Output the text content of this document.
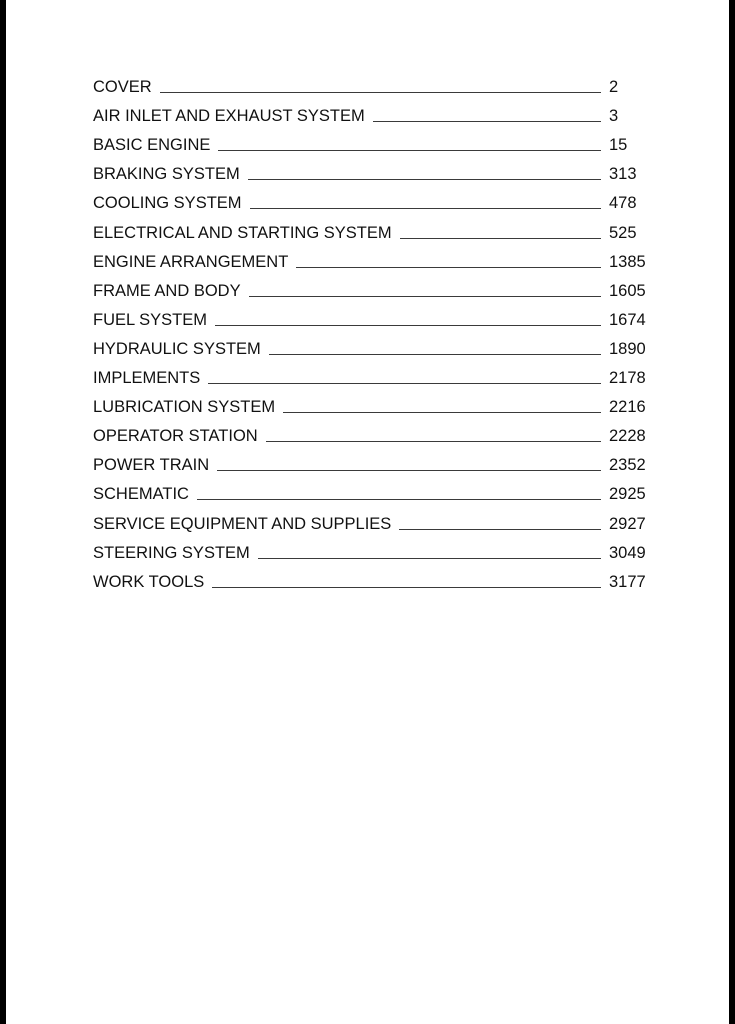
COVER	2
AIR INLET AND EXHAUST SYSTEM	3
BASIC ENGINE	15
BRAKING SYSTEM	313
COOLING SYSTEM	478
ELECTRICAL AND STARTING SYSTEM	525
ENGINE ARRANGEMENT	1385
FRAME AND BODY	1605
FUEL SYSTEM	1674
HYDRAULIC SYSTEM	1890
IMPLEMENTS	2178
LUBRICATION SYSTEM	2216
OPERATOR STATION	2228
POWER TRAIN	2352
SCHEMATIC	2925
SERVICE EQUIPMENT AND SUPPLIES	2927
STEERING SYSTEM	3049
WORK TOOLS	3177
